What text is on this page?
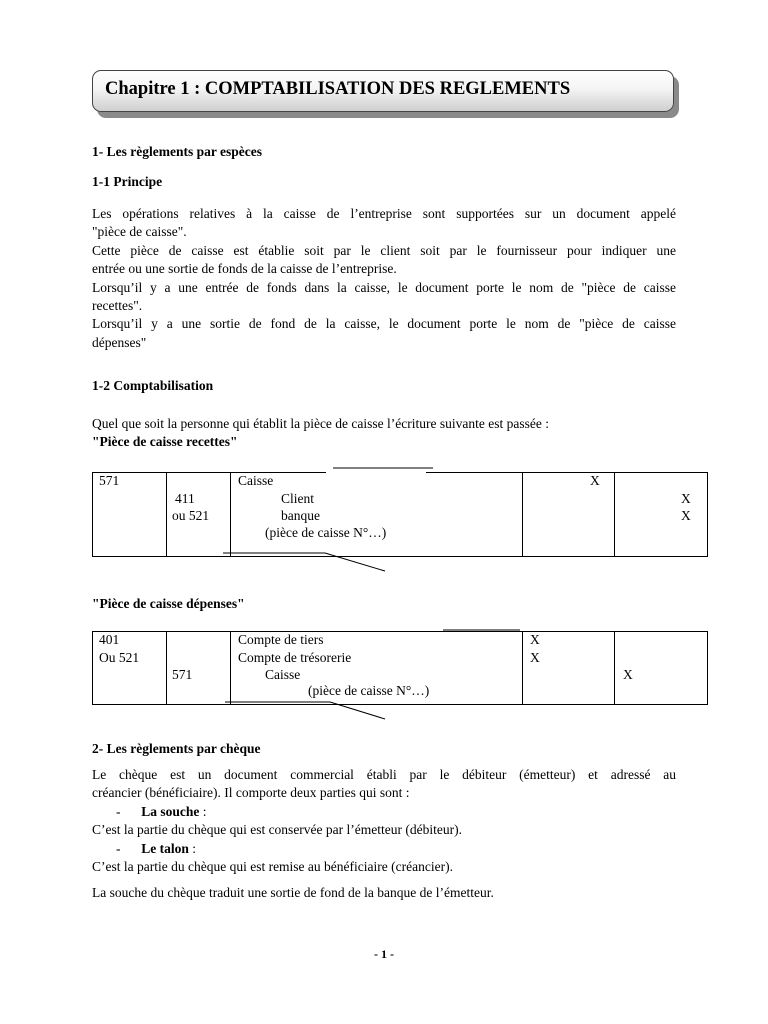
Chapitre 1 : COMPTABILISATION DES REGLEMENTS
1- Les règlements par espèces
1-1 Principe
Les opérations relatives à la caisse de l’entreprise sont supportées sur un document appelé
"pièce de caisse".
Cette pièce de caisse est établie soit par le client soit par le fournisseur pour indiquer une
entrée ou une sortie de fonds de la caisse de l’entreprise.
Lorsqu’il y a une entrée de fonds dans la caisse, le document porte le nom de "pièce de caisse
recettes".
Lorsqu’il y a une sortie de fond de la caisse, le document porte le nom de "pièce de caisse
dépenses"
1-2 Comptabilisation
Quel que soit la personne qui établit la pièce de caisse l’écriture suivante est passée :
"Pièce de caisse recettes"
571
411
ou 521
Caisse
Client
banque
(pièce de caisse N°…)
X
X
X
"Pièce de caisse dépenses"
401
Ou 521
571
Compte de tiers
Compte de trésorerie
Caisse
(pièce de caisse N°…)
X
X
X
2- Les règlements par chèque
Le chèque est un document commercial établi par le débiteur (émetteur) et adressé au
créancier (bénéficiaire). Il comporte deux parties qui sont :
- La souche :
C’est la partie du chèque qui est conservée par l’émetteur (débiteur).
- Le talon :
C’est la partie du chèque qui est remise au bénéficiaire (créancier).
La souche du chèque traduit une sortie de fond de la banque de l’émetteur.
- 1 -
